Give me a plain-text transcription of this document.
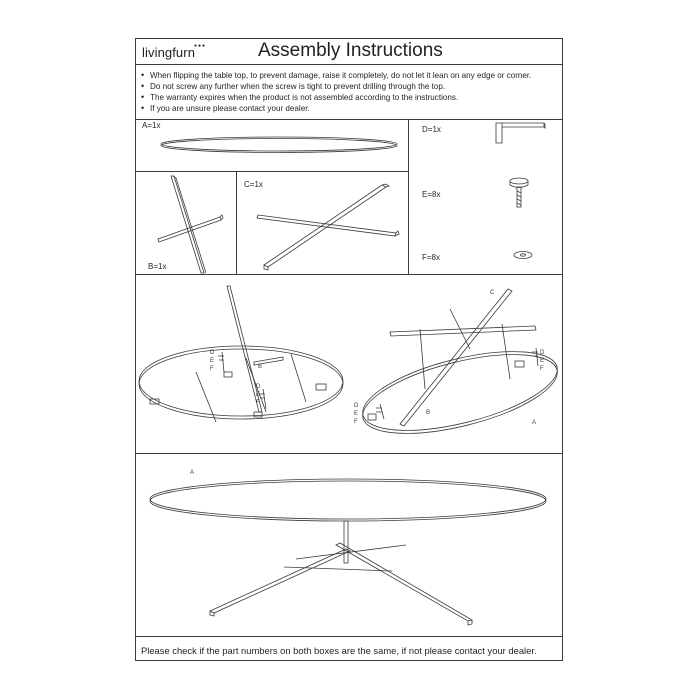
livingfurn
●●●	Assembly Instructions
• When flipping the table top, to prevent damage, raise it completely, do not let it lean on any edge or corner.
• Do not screw any further when the screw is tight to prevent drilling through the top.
• The warranty expires when the product is not assembled according to the instructions.
• If you are unsure please contact your dealer.
A=1x
B=1x
C=1x
D=1x
E=8x
F=8x
D
E
F
D
E
F
B
A
D
E
F
D
E
F
C
B
A
Please check if the part numbers on both boxes are the same, if not please contact your dealer.
